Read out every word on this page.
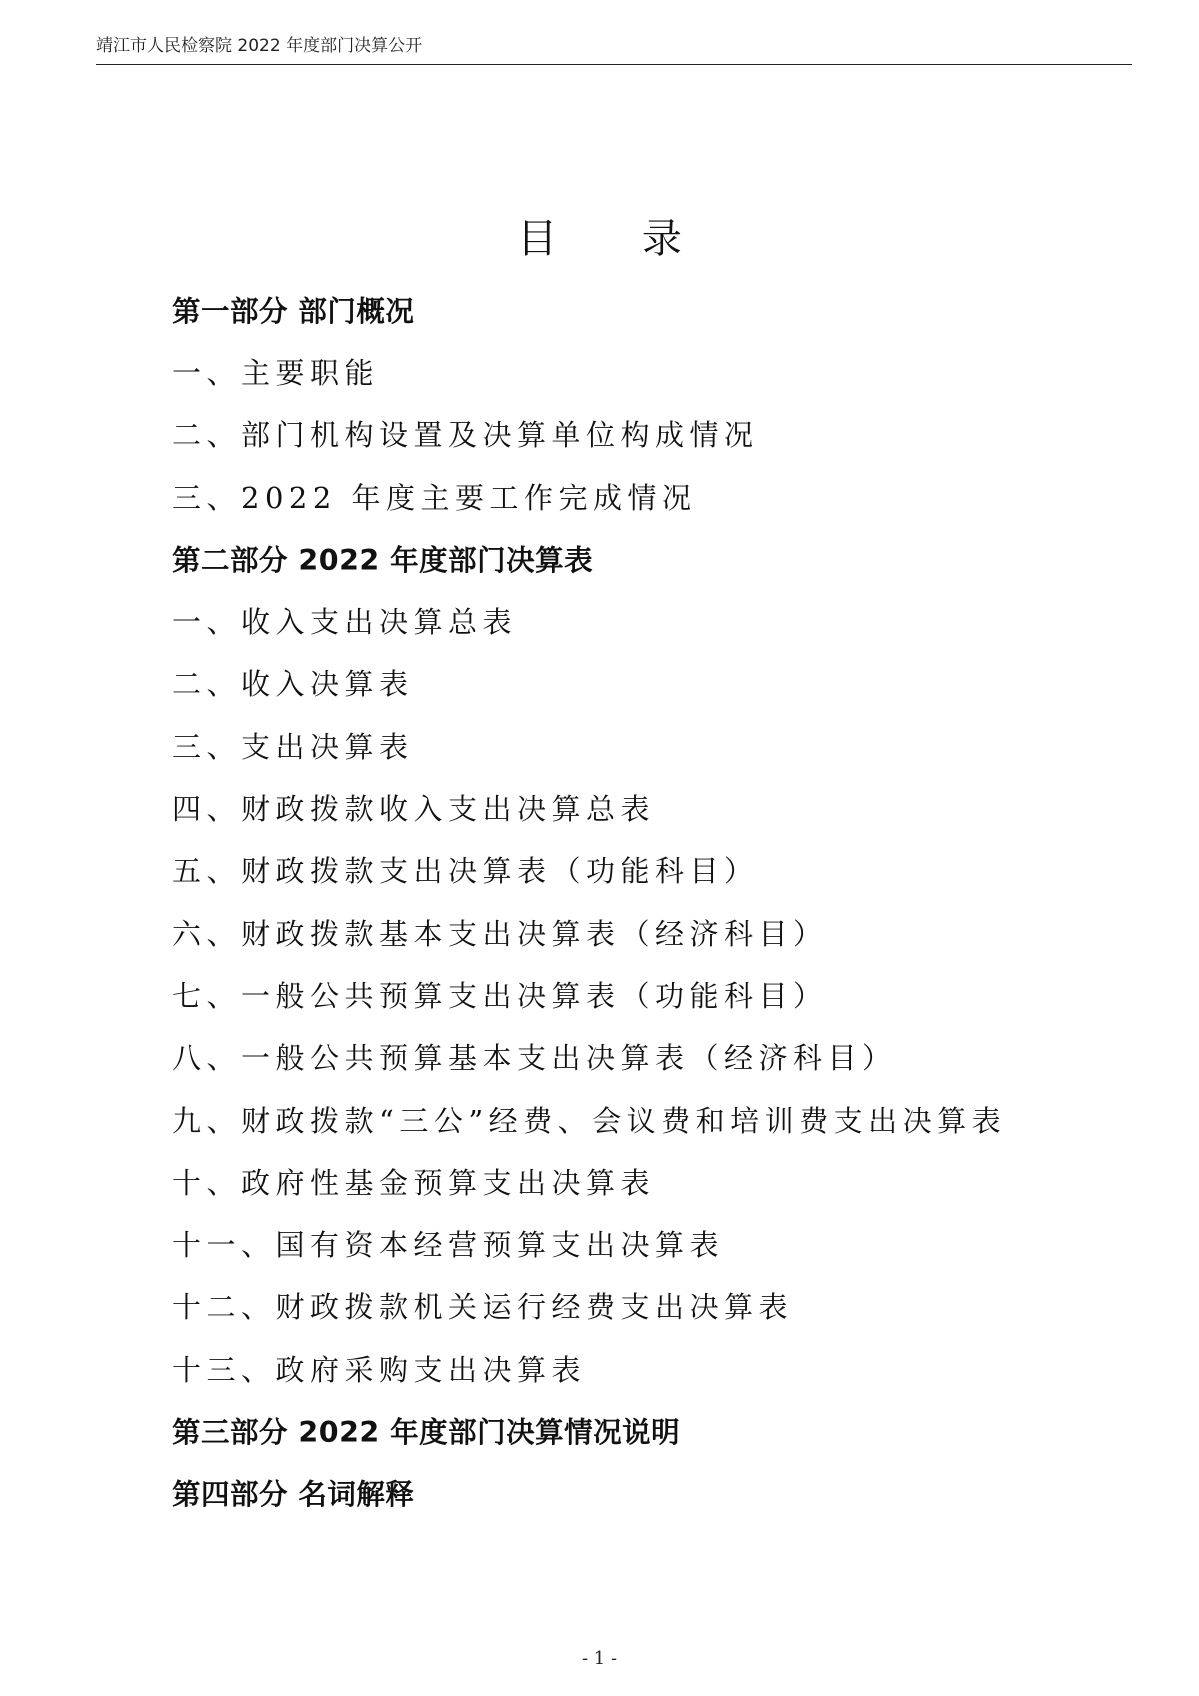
靖江市人民检察院 2022 年度部门决算公开
目 录
第一部分 部门概况
一、主要职能
二、部门机构设置及决算单位构成情况
三、2022 年度主要工作完成情况
第二部分 2022 年度部门决算表
一、收入支出决算总表
二、收入决算表
三、支出决算表
四、财政拨款收入支出决算总表
五、财政拨款支出决算表（功能科目）
六、财政拨款基本支出决算表（经济科目）
七、一般公共预算支出决算表（功能科目）
八、一般公共预算基本支出决算表（经济科目）
九、财政拨款“三公”经费、会议费和培训费支出决算表
十、政府性基金预算支出决算表
十一、国有资本经营预算支出决算表
十二、财政拨款机关运行经费支出决算表
十三、政府采购支出决算表
第三部分 2022 年度部门决算情况说明
第四部分 名词解释
- 1 -
